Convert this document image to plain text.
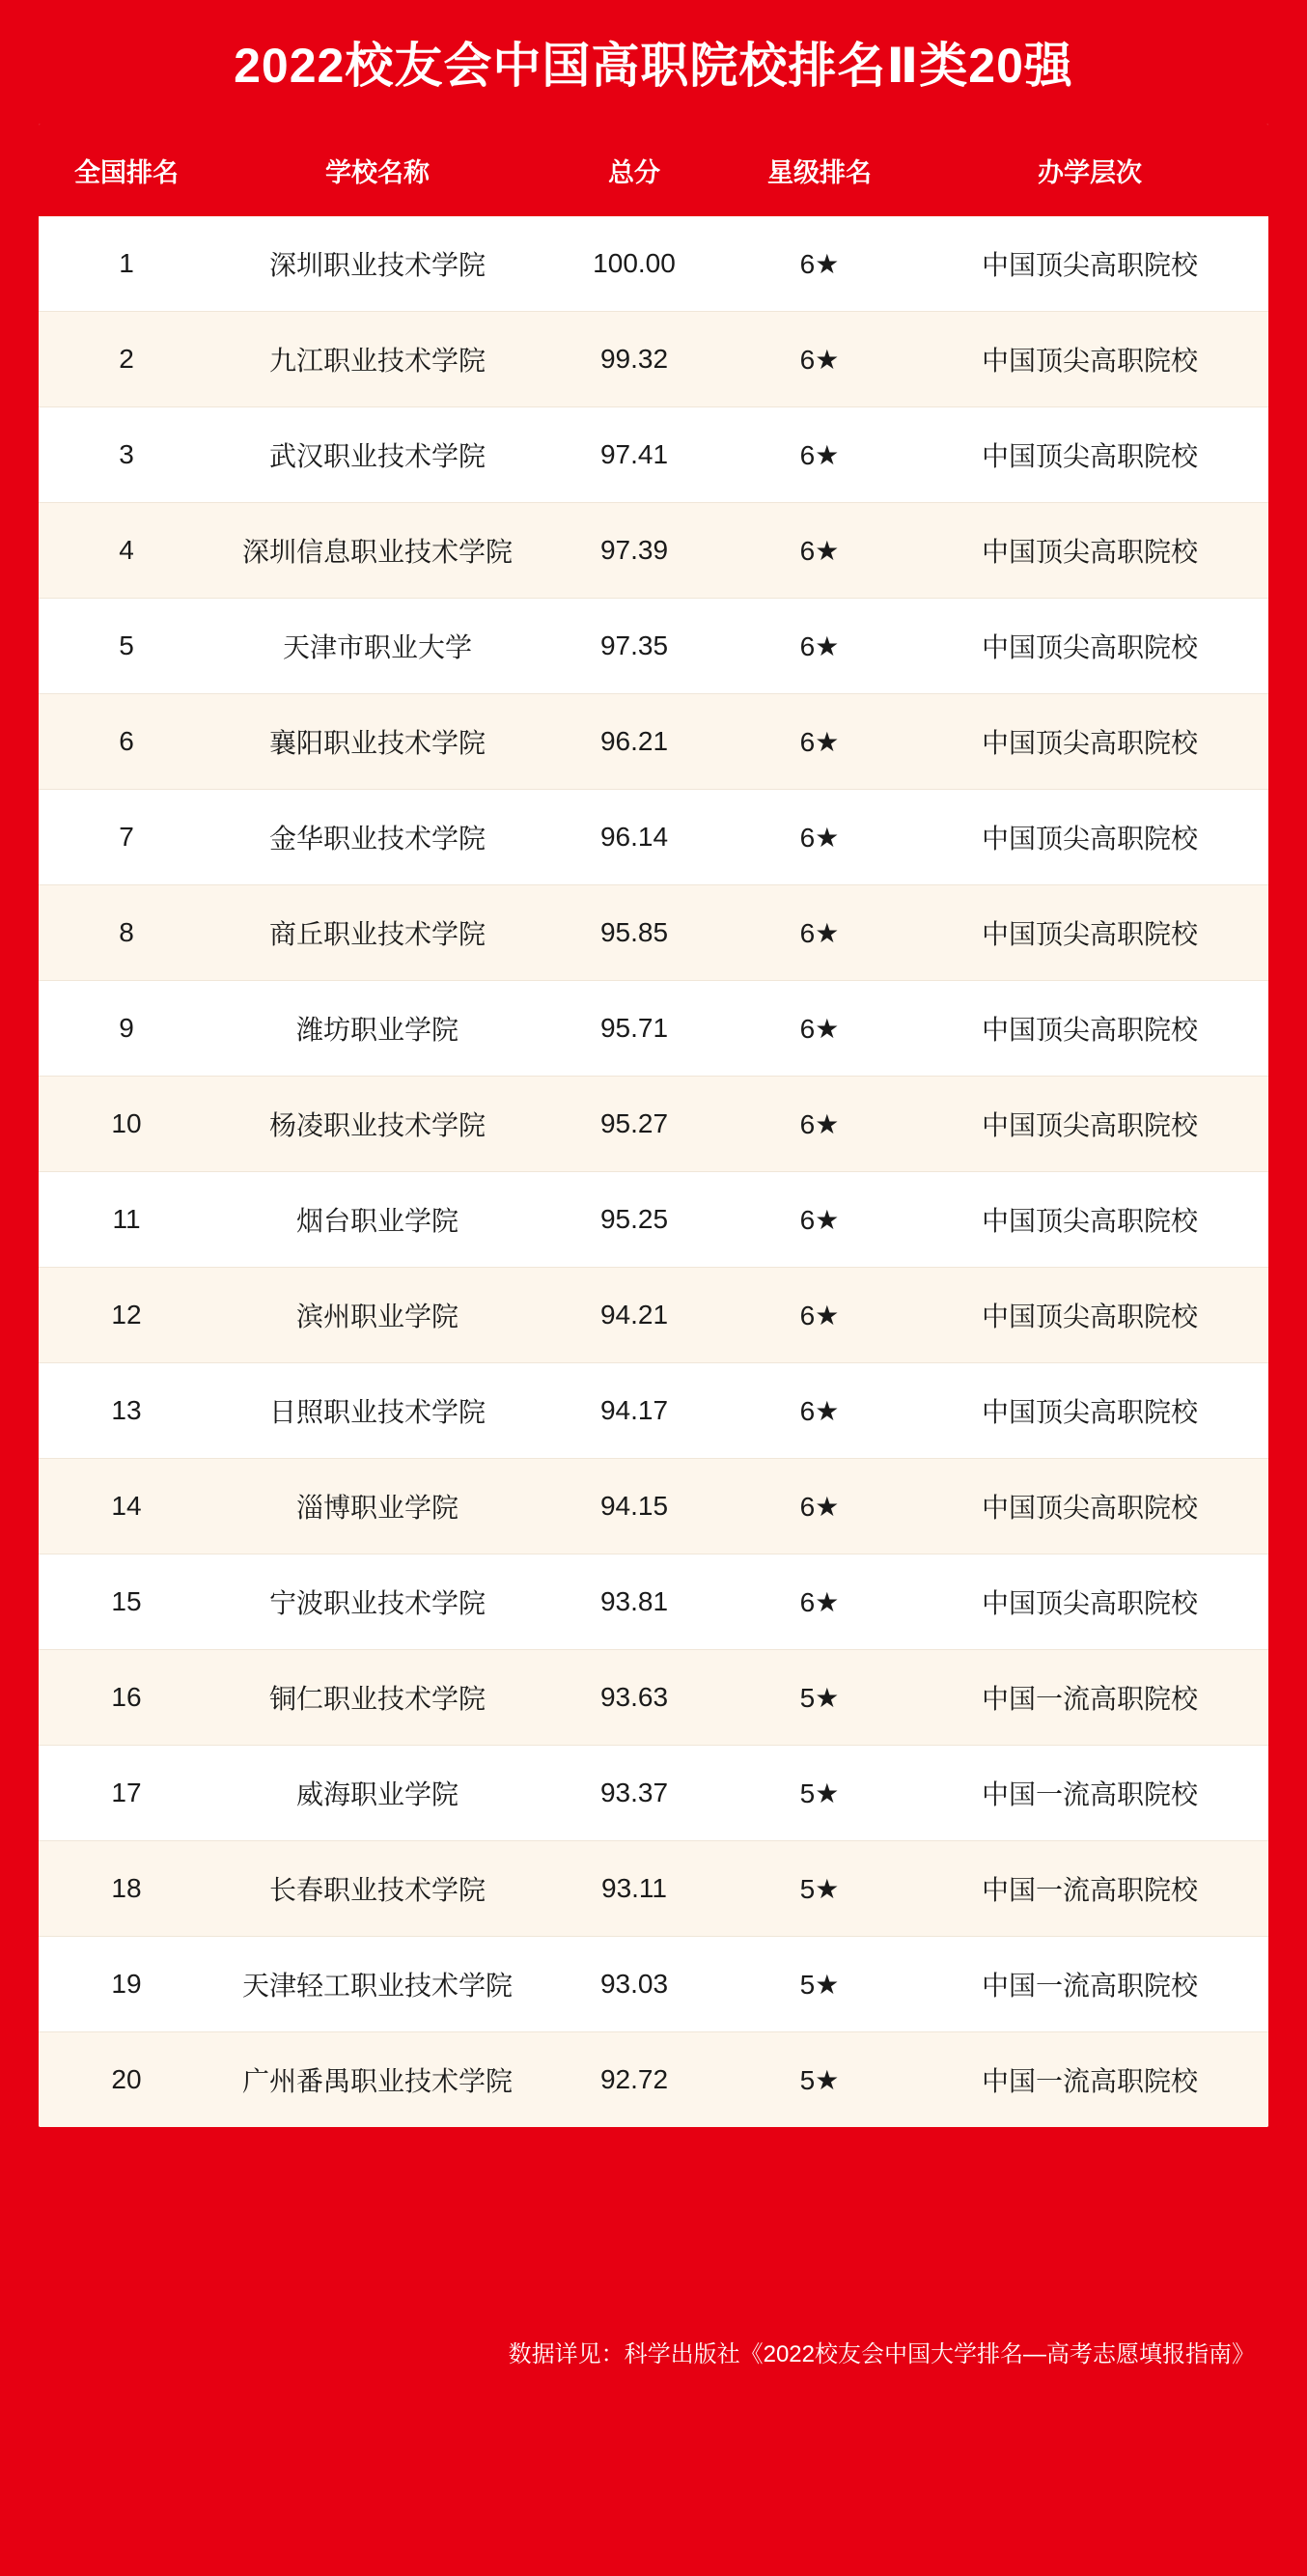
2022校友会中国高职院校排名Ⅱ类20强
全国排名	学校名称	总分	星级排名	办学层次
1	深圳职业技术学院	100.00	6★	中国顶尖高职院校
2	九江职业技术学院	99.32	6★	中国顶尖高职院校
3	武汉职业技术学院	97.41	6★	中国顶尖高职院校
4	深圳信息职业技术学院	97.39	6★	中国顶尖高职院校
5	天津市职业大学	97.35	6★	中国顶尖高职院校
6	襄阳职业技术学院	96.21	6★	中国顶尖高职院校
7	金华职业技术学院	96.14	6★	中国顶尖高职院校
8	商丘职业技术学院	95.85	6★	中国顶尖高职院校
9	潍坊职业学院	95.71	6★	中国顶尖高职院校
10	杨凌职业技术学院	95.27	6★	中国顶尖高职院校
11	烟台职业学院	95.25	6★	中国顶尖高职院校
12	滨州职业学院	94.21	6★	中国顶尖高职院校
13	日照职业技术学院	94.17	6★	中国顶尖高职院校
14	淄博职业学院	94.15	6★	中国顶尖高职院校
15	宁波职业技术学院	93.81	6★	中国顶尖高职院校
16	铜仁职业技术学院	93.63	5★	中国一流高职院校
17	威海职业学院	93.37	5★	中国一流高职院校
18	长春职业技术学院	93.11	5★	中国一流高职院校
19	天津轻工职业技术学院	93.03	5★	中国一流高职院校
20	广州番禺职业技术学院	92.72	5★	中国一流高职院校
数据详见：科学出版社《2022校友会中国大学排名—高考志愿填报指南》
